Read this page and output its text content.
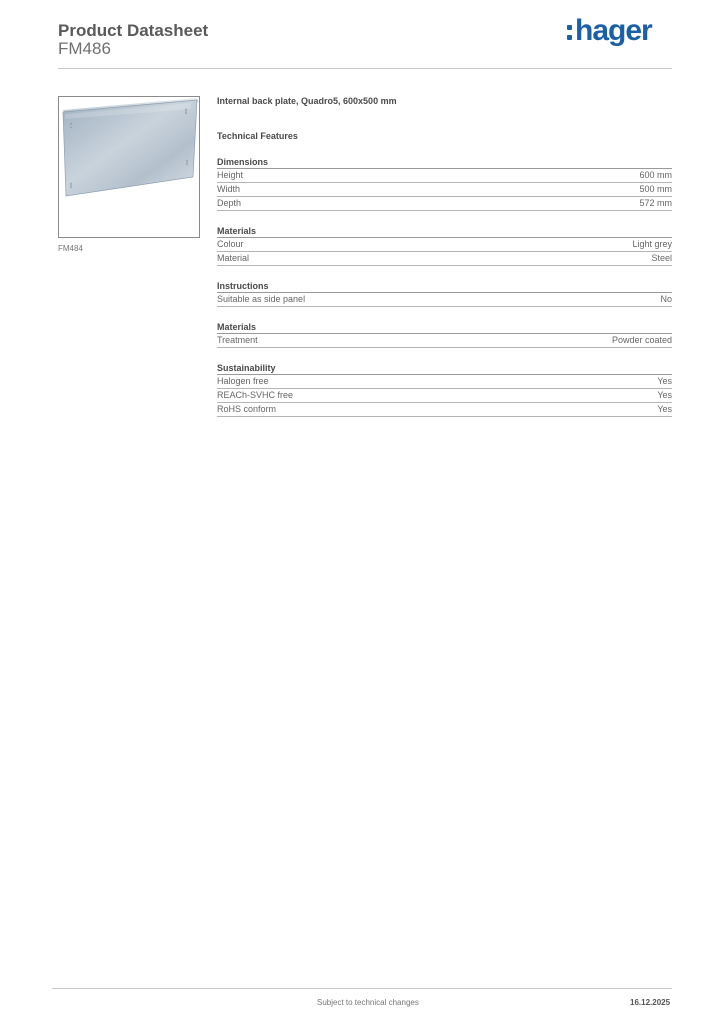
Product Datasheet
FM486
hager
FM484
Internal back plate, Quadro5, 600x500 mm
Technical Features
Dimensions
Height	600 mm
Width	500 mm
Depth	572 mm
Materials
Colour	Light grey
Material	Steel
Instructions
Suitable as side panel	No
Materials
Treatment	Powder coated
Sustainability
Halogen free	Yes
REACh-SVHC free	Yes
RoHS conform	Yes
Subject to technical changes	16.12.2025
